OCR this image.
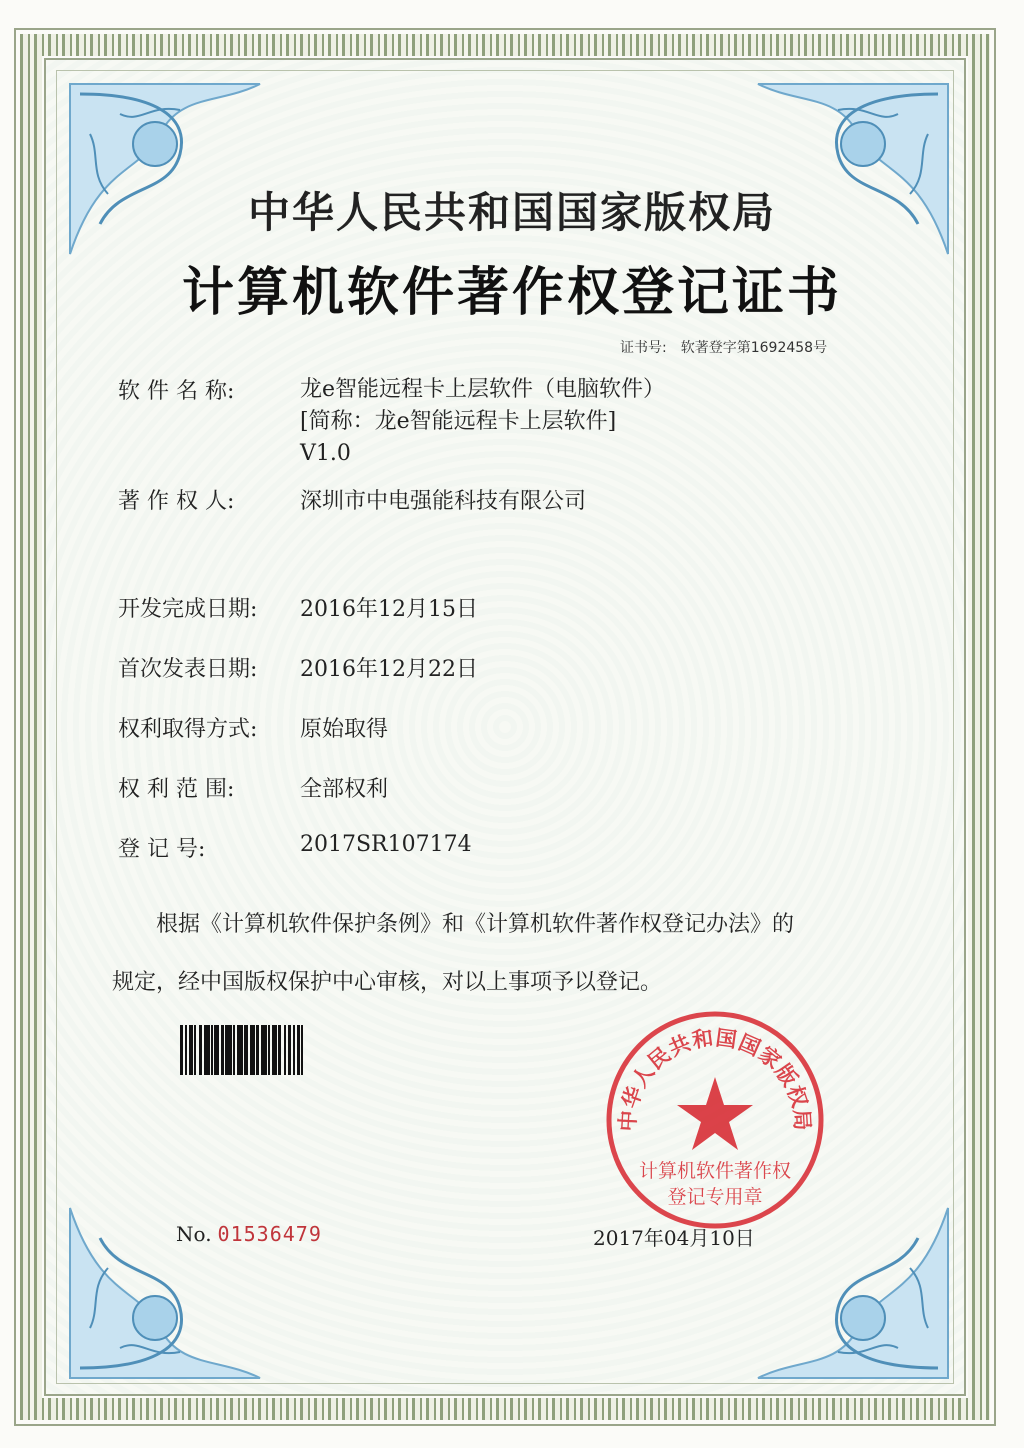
中华人民共和国国家版权局
计算机软件著作权登记证书
证书号: 软著登字第1692458号
软 件 名 称:	龙e智能远程卡上层软件（电脑软件）
[简称：龙e智能远程卡上层软件]
V1.0
著 作 权 人:	深圳市中电强能科技有限公司
开发完成日期: 2016年12月15日
首次发表日期: 2016年12月22日
权利取得方式: 原始取得
权 利 范 围:	全部权利
登 记 号:	2017SR107174
根据《计算机软件保护条例》和《计算机软件著作权登记办法》的
规定，经中国版权保护中心审核，对以上事项予以登记。
中华人民共和国国家版权局
计算机软件著作权
登记专用章
No. 01536479	2017年04月10日
